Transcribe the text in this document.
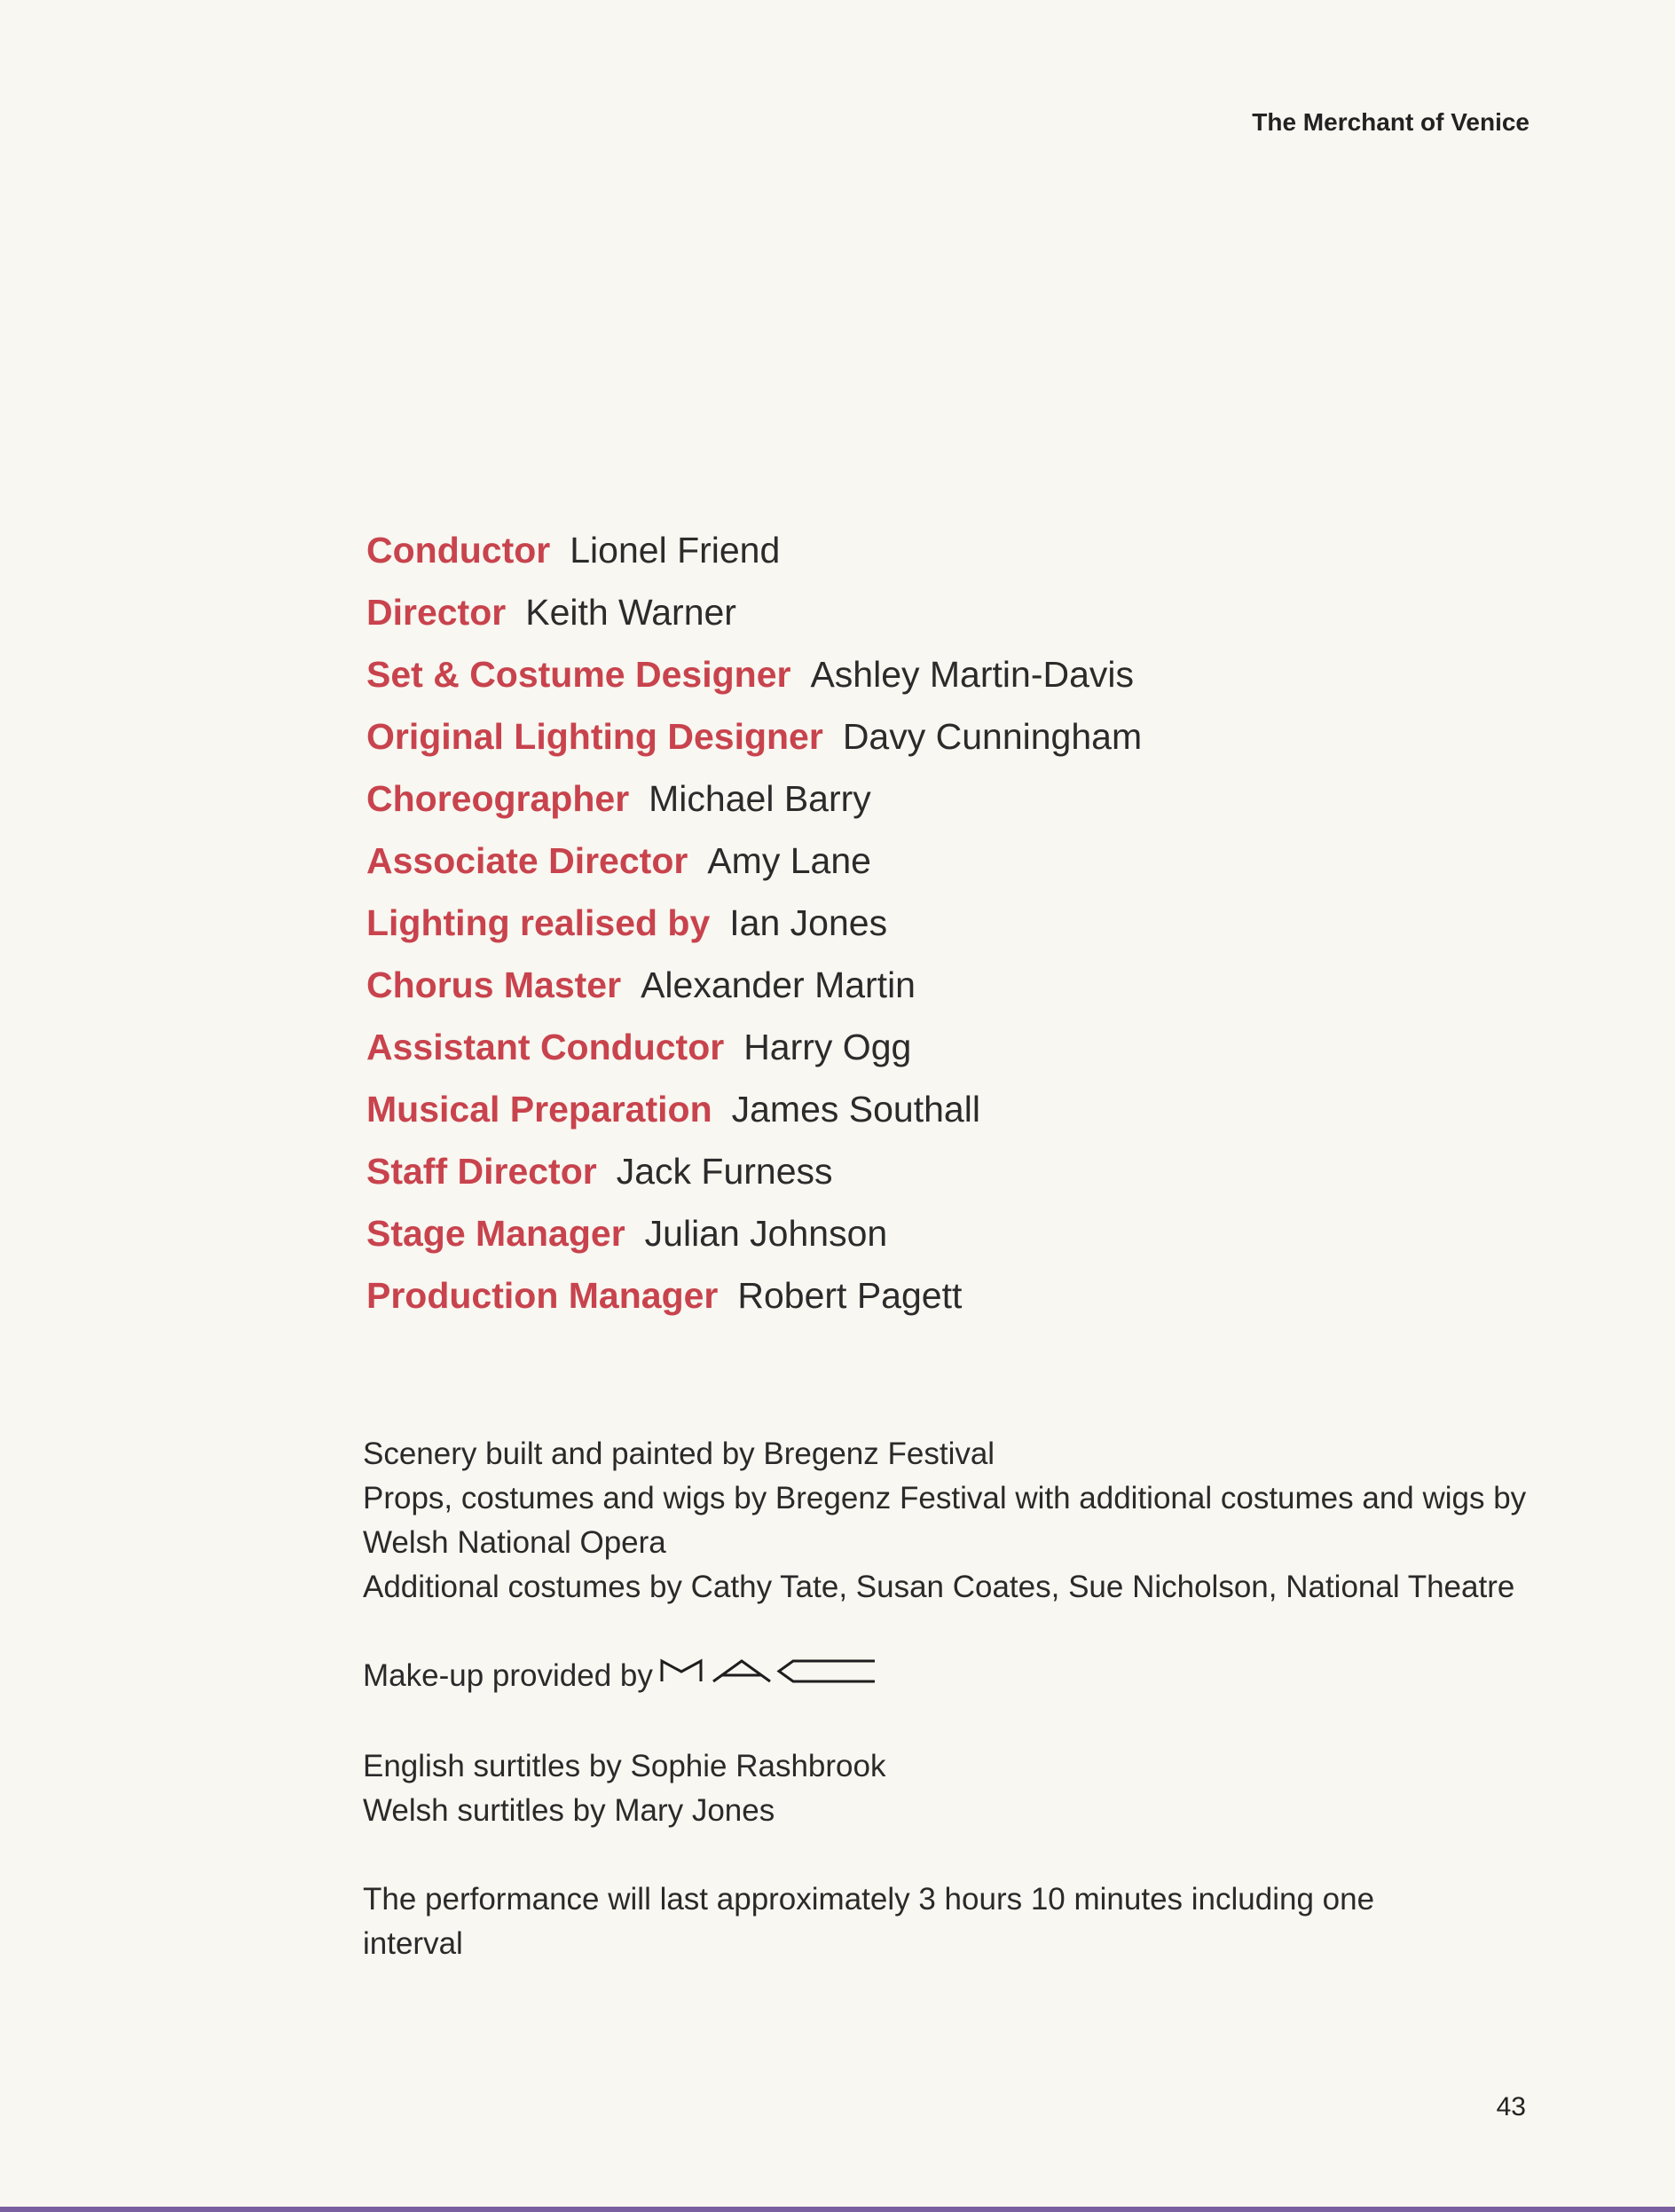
The Merchant of Venice
Conductor Lionel Friend
Director Keith Warner
Set & Costume Designer Ashley Martin-Davis
Original Lighting Designer Davy Cunningham
Choreographer Michael Barry
Associate Director Amy Lane
Lighting realised by Ian Jones
Chorus Master Alexander Martin
Assistant Conductor Harry Ogg
Musical Preparation James Southall
Staff Director Jack Furness
Stage Manager Julian Johnson
Production Manager Robert Pagett

Scenery built and painted by Bregenz Festival

Props, costumes and wigs by Bregenz Festival with additional costumes and wigs by Welsh National Opera

Additional costumes by Cathy Tate, Susan Coates, Sue Nicholson, National Theatre

Make-up provided by

English surtitles by Sophie Rashbrook

Welsh surtitles by Mary Jones

The performance will last approximately 3 hours 10 minutes including one interval

43
